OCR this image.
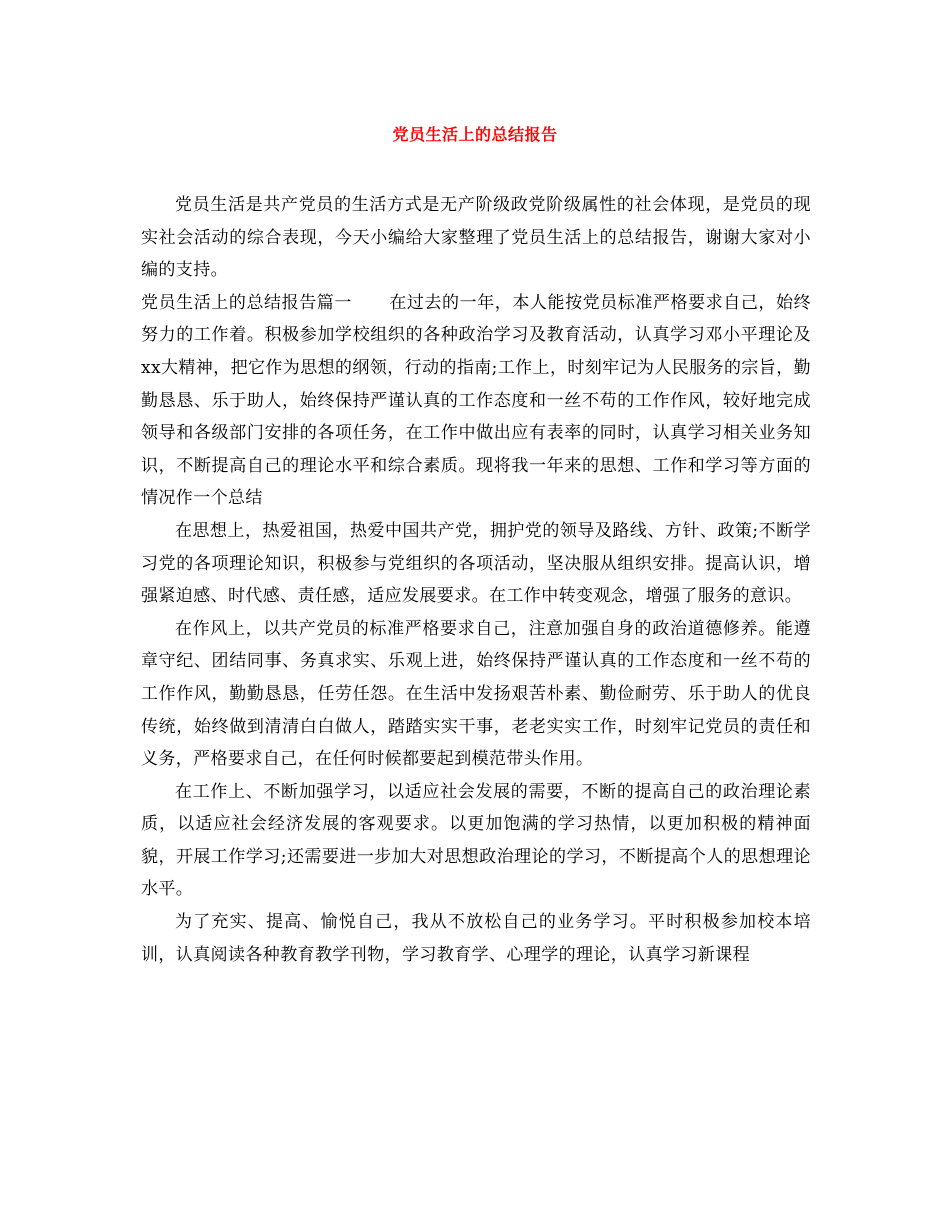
党员生活上的总结报告

党员生活是共产党员的生活方式是无产阶级政党阶级属性的社会体现，是党员的现实社会活动的综合表现，今天小编给大家整理了党员生活上的总结报告，谢谢大家对小编的支持。

党员生活上的总结报告篇一 在过去的一年，本人能按党员标准严格要求自己，始终努力的工作着。积极参加学校组织的各种政治学习及教育活动，认真学习邓小平理论及xx大精神，把它作为思想的纲领，行动的指南;工作上，时刻牢记为人民服务的宗旨，勤勤恳恳、乐于助人，始终保持严谨认真的工作态度和一丝不苟的工作作风，较好地完成领导和各级部门安排的各项任务，在工作中做出应有表率的同时，认真学习相关业务知识，不断提高自己的理论水平和综合素质。现将我一年来的思想、工作和学习等方面的情况作一个总结

在思想上，热爱祖国，热爱中国共产党，拥护党的领导及路线、方针、政策;不断学习党的各项理论知识，积极参与党组织的各项活动，坚决服从组织安排。提高认识，增强紧迫感、时代感、责任感，适应发展要求。在工作中转变观念，增强了服务的意识。

在作风上，以共产党员的标准严格要求自己，注意加强自身的政治道德修养。能遵章守纪、团结同事、务真求实、乐观上进，始终保持严谨认真的工作态度和一丝不苟的工作作风，勤勤恳恳，任劳任怨。在生活中发扬艰苦朴素、勤俭耐劳、乐于助人的优良传统，始终做到清清白白做人，踏踏实实干事，老老实实工作，时刻牢记党员的责任和义务，严格要求自己，在任何时候都要起到模范带头作用。

在工作上、不断加强学习，以适应社会发展的需要，不断的提高自己的政治理论素质，以适应社会经济发展的客观要求。以更加饱满的学习热情，以更加积极的精神面貌，开展工作学习;还需要进一步加大对思想政治理论的学习，不断提高个人的思想理论水平。

为了充实、提高、愉悦自己，我从不放松自己的业务学习。平时积极参加校本培训，认真阅读各种教育教学刊物，学习教育学、心理学的理论，认真学习新课程
